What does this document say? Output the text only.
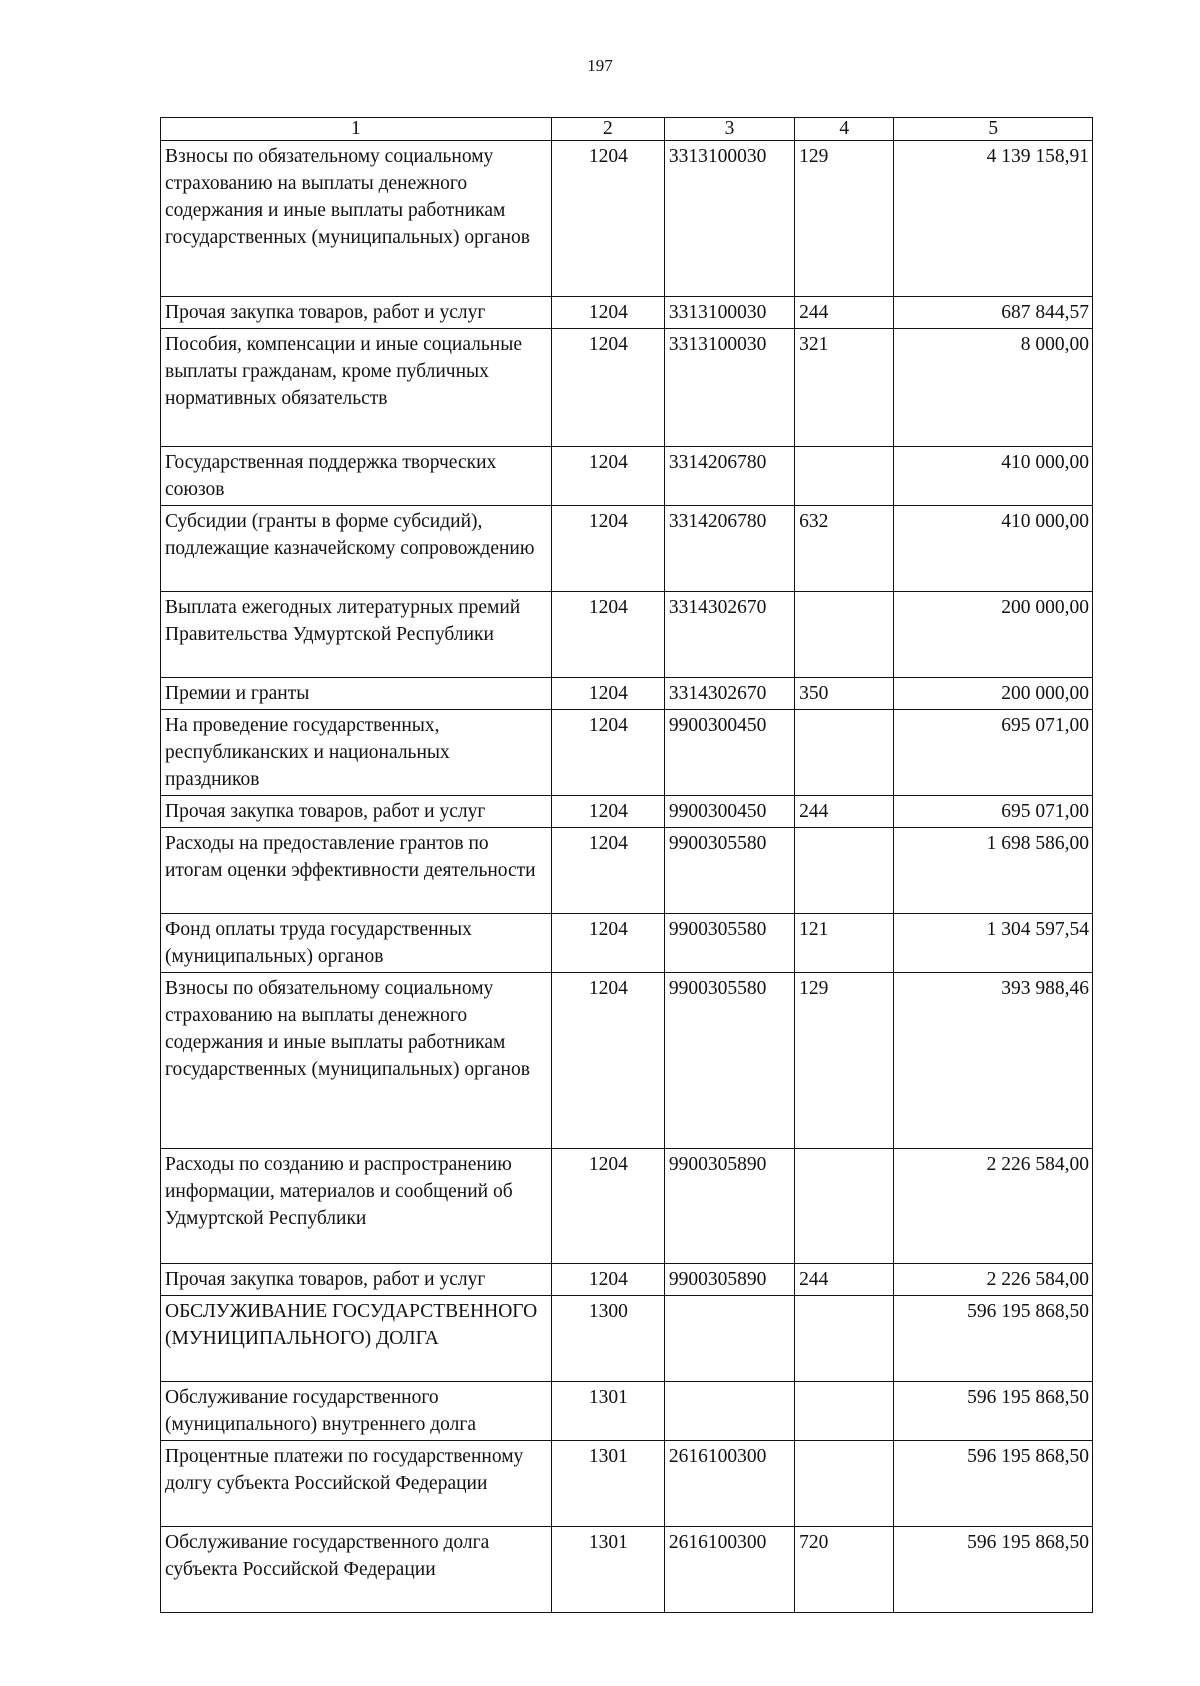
197
1	2	3	4	5
Взносы по обязательному социальному страхованию на выплаты денежного содержания и иные выплаты работникам государственных (муниципальных) органов	1204	3313100030	129	4 139 158,91
Прочая закупка товаров, работ и услуг	1204	3313100030	244	687 844,57
Пособия, компенсации и иные социальные выплаты гражданам, кроме публичных нормативных обязательств	1204	3313100030	321	8 000,00
Государственная поддержка творческих союзов	1204	3314206780		410 000,00
Субсидии (гранты в форме субсидий), подлежащие казначейскому сопровождению	1204	3314206780	632	410 000,00
Выплата ежегодных литературных премий Правительства Удмуртской Республики	1204	3314302670		200 000,00
Премии и гранты	1204	3314302670	350	200 000,00
На проведение государственных, республиканских и национальных праздников	1204	9900300450		695 071,00
Прочая закупка товаров, работ и услуг	1204	9900300450	244	695 071,00
Расходы на предоставление грантов по итогам оценки эффективности деятельности	1204	9900305580		1 698 586,00
Фонд оплаты труда государственных (муниципальных) органов	1204	9900305580	121	1 304 597,54
Взносы по обязательному социальному страхованию на выплаты денежного содержания и иные выплаты работникам государственных (муниципальных) органов	1204	9900305580	129	393 988,46
Расходы по созданию и распространению информации, материалов и сообщений об Удмуртской Республики	1204	9900305890		2 226 584,00
Прочая закупка товаров, работ и услуг	1204	9900305890	244	2 226 584,00
ОБСЛУЖИВАНИЕ ГОСУДАРСТВЕННОГО (МУНИЦИПАЛЬНОГО) ДОЛГА	1300			596 195 868,50
Обслуживание государственного (муниципального) внутреннего долга	1301			596 195 868,50
Процентные платежи по государственному долгу субъекта Российской Федерации	1301	2616100300		596 195 868,50
Обслуживание государственного долга субъекта Российской Федерации	1301	2616100300	720	596 195 868,50
